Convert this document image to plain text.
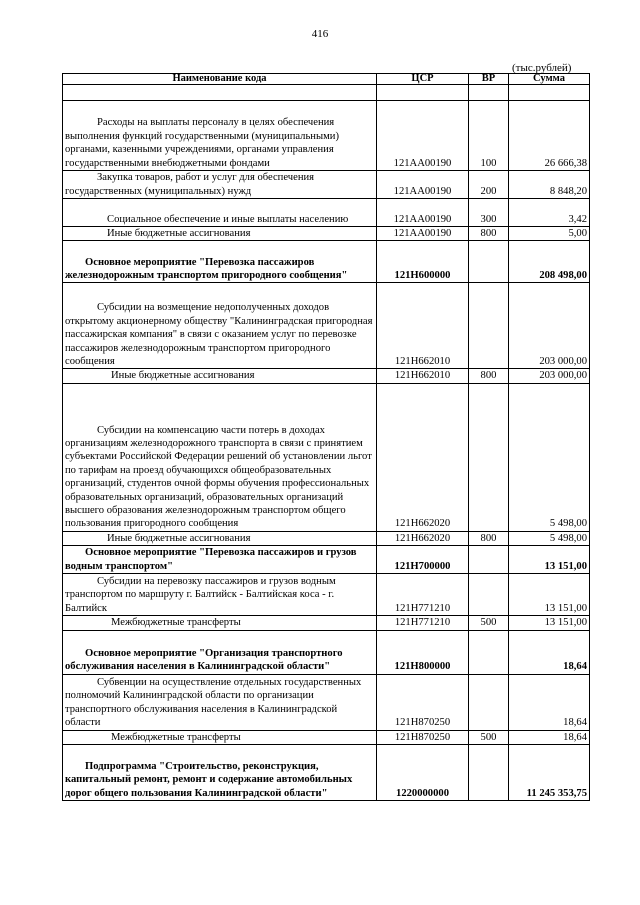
416
(тыс.рублей)
Наименование кода	ЦСР	ВР	Сумма

Расходы на выплаты персоналу в целях обеспечения выполнения функций государственными (муниципальными) органами, казенными учреждениями, органами управления государственными внебюджетными фондами	121АА00190	100	26 666,38
Закупка товаров, работ и услуг для обеспечения государственных (муниципальных) нужд	121АА00190	200	8 848,20
Социальное обеспечение и иные выплаты населению	121АА00190	300	3,42
Иные бюджетные ассигнования	121АА00190	800	5,00
Основное мероприятие "Перевозка пассажиров железнодорожным транспортом пригородного сообщения"	121Н600000		208 498,00
Субсидии на возмещение недополученных доходов открытому акционерному обществу "Калининградская пригородная пассажирская компания" в связи с оказанием услуг по перевозке пассажиров железнодорожным транспортом пригородного сообщения	121Н662010		203 000,00
Иные бюджетные ассигнования	121Н662010	800	203 000,00
Субсидии на компенсацию части потерь в доходах организациям железнодорожного транспорта в связи с принятием субъектами Российской Федерации решений об установлении льгот по тарифам на проезд обучающихся общеобразовательных организаций, студентов очной формы обучения профессиональных образовательных организаций, образовательных организаций высшего образования железнодорожным транспортом общего пользования пригородного сообщения	121Н662020		5 498,00
Иные бюджетные ассигнования	121Н662020	800	5 498,00
Основное мероприятие "Перевозка пассажиров и грузов водным транспортом"	121Н700000		13 151,00
Субсидии на перевозку пассажиров и грузов водным транспортом по маршруту г. Балтийск - Балтийская коса - г. Балтийск	121Н771210		13 151,00
Межбюджетные трансферты	121Н771210	500	13 151,00
Основное мероприятие "Организация транспортного обслуживания населения в Калининградской области"	121Н800000		18,64
Субвенции на осуществление отдельных государственных полномочий Калининградской области по организации транспортного обслуживания населения в Калининградской области	121Н870250		18,64
Межбюджетные трансферты	121Н870250	500	18,64
Подпрограмма "Строительство, реконструкция, капитальный ремонт, ремонт и содержание автомобильных дорог общего пользования Калининградской области"	1220000000		11 245 353,75
